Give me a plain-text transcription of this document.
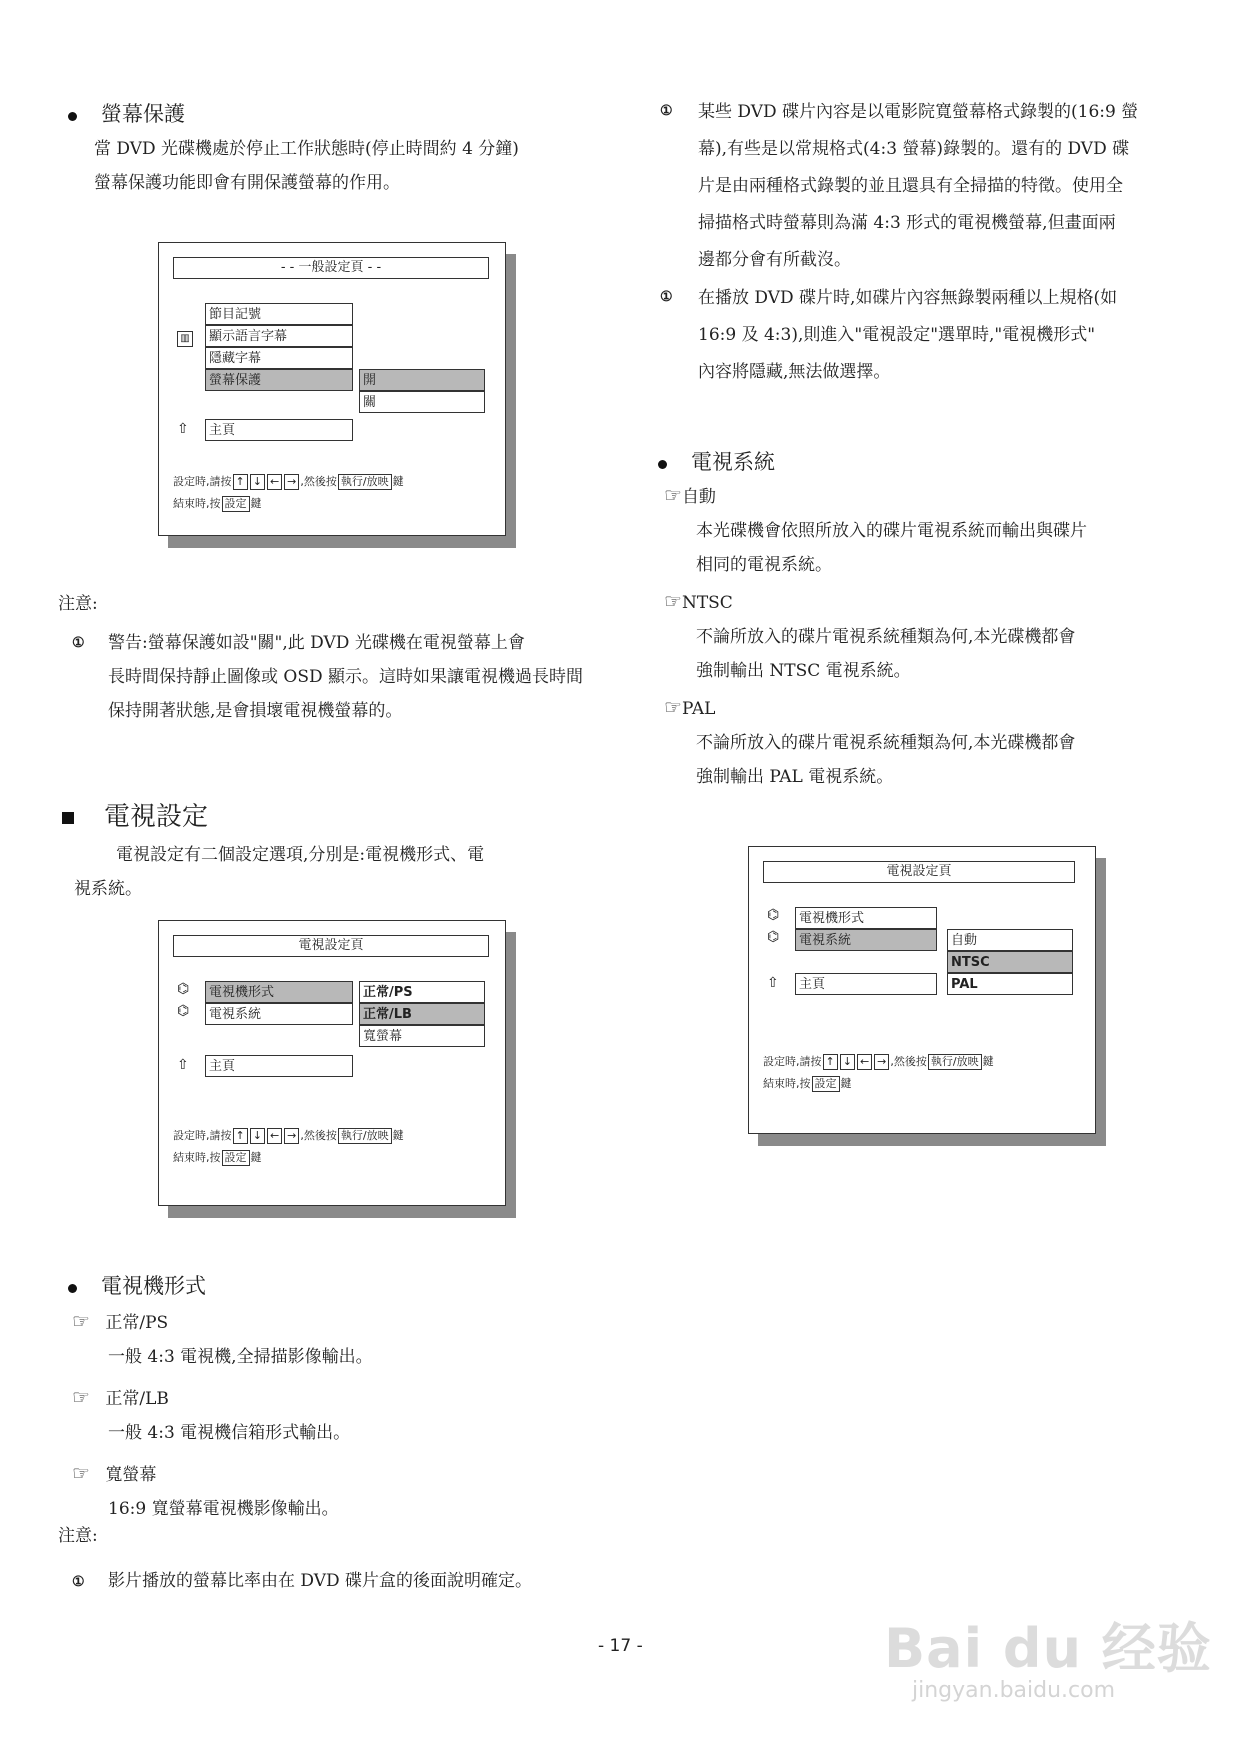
螢幕保護
當 DVD 光碟機處於停止工作狀態時(停止時間約 4 分鐘)
螢幕保護功能即會有開保護螢幕的作用。
- - 一般設定頁 - -
▥
節目記號
顯示語言字幕
隱藏字幕
螢幕保護	開
關
⇧	主頁
設定時,請按 ↑ ↓ ← → ,然後按 執行/放映 鍵
結束時,按 設定 鍵
注意:
① 警告:螢幕保護如設"關",此 DVD 光碟機在電視螢幕上會
長時間保持靜止圖像或 OSD 顯示。這時如果讓電視機過長時間
保持開著狀態,是會損壞電視機螢幕的。
電視設定
電視設定有二個設定選項,分別是:電視機形式、電
視系統。
電視設定頁
⌬
⌬
電視機形式
電視系統
正常/PS
正常/LB
寬螢幕
⇧	主頁
設定時,請按 ↑ ↓ ← → ,然後按 執行/放映 鍵
結束時,按 設定 鍵
電視機形式
☞ 正常/PS
一般 4:3 電視機,全掃描影像輸出。
☞ 正常/LB
一般 4:3 電視機信箱形式輸出。
☞ 寬螢幕
16:9 寬螢幕電視機影像輸出。
注意:
① 影片播放的螢幕比率由在 DVD 碟片盒的後面說明確定。
① 某些 DVD 碟片內容是以電影院寬螢幕格式錄製的(16:9 螢
幕),有些是以常規格式(4:3 螢幕)錄製的。還有的 DVD 碟
片是由兩種格式錄製的並且還具有全掃描的特徵。使用全
掃描格式時螢幕則為滿 4:3 形式的電視機螢幕,但畫面兩
邊都分會有所截沒。
① 在播放 DVD 碟片時,如碟片內容無錄製兩種以上規格(如
16:9 及 4:3),則進入"電視設定"選單時,"電視機形式"
內容將隱藏,無法做選擇。
電視系統
☞自動
本光碟機會依照所放入的碟片電視系統而輸出與碟片
相同的電視系統。
☞NTSC
不論所放入的碟片電視系統種類為何,本光碟機都會
強制輸出 NTSC 電視系統。
☞PAL
不論所放入的碟片電視系統種類為何,本光碟機都會
強制輸出 PAL 電視系統。
電視設定頁
⌬
⌬
電視機形式
電視系統	自動
NTSC
PAL
⇧	主頁
設定時,請按 ↑ ↓ ← → ,然後按 執行/放映 鍵
結束時,按 設定 鍵
- 17 -	Bai du 经验
jingyan.baidu.com
